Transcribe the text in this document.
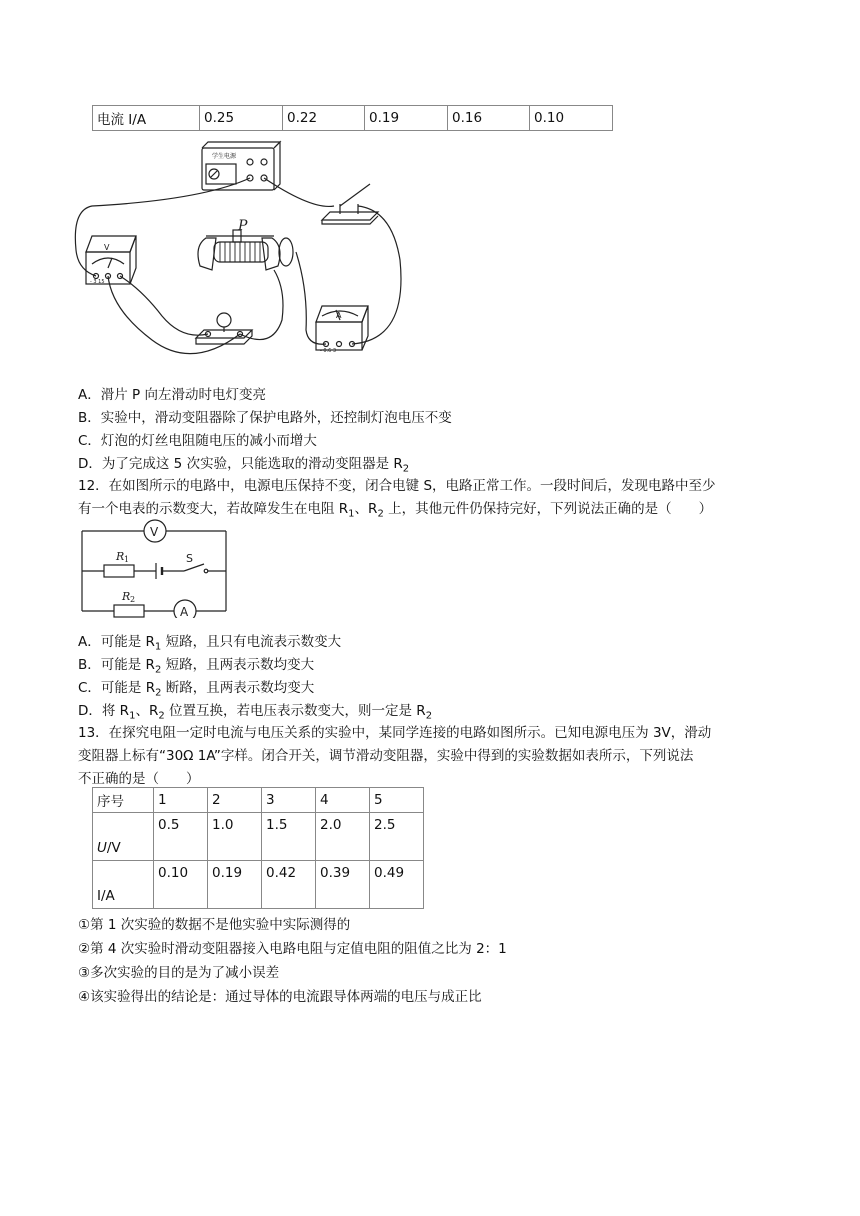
电流 I/A	0.25	0.22	0.19	0.16	0.10
P
V
A
学生电源
- 3 15
- 0.6 3
A．滑片 P 向左滑动时电灯变亮
B．实验中，滑动变阻器除了保护电路外，还控制灯泡电压不变
C．灯泡的灯丝电阻随电压的减小而增大
D．为了完成这 5 次实验，只能选取的滑动变阻器是 $R_2$
12．在如图所示的电路中，电源电压保持不变，闭合电键 S，电路正常工作。一段时间后，发现电路中至少
有一个电表的示数变大，若故障发生在电阻 $R_1$、$R_2$ 上，其他元件仍保持完好，下列说法正确的是（　　）
V
A
R 1
R 2
S
A．可能是 $R_1$ 短路，且只有电流表示数变大
B．可能是 $R_2$ 短路，且两表示数均变大
C．可能是 $R_2$ 断路，且两表示数均变大
D．将 $R_1$、$R_2$ 位置互换，若电压表示数变大，则一定是 $R_2$
13．在探究电阻一定时电流与电压关系的实验中，某同学连接的电路如图所示。已知电源电压为 3V，滑动
变阻器上标有“30Ω 1A”字样。闭合开关，调节滑动变阻器，实验中得到的实验数据如表所示，下列说法
不正确的是（　　）
序号	1	2	3	4	5
U/V	0.5	1.0	1.5	2.0	2.5
I/A	0.10	0.19	0.42	0.39	0.49
①第 1 次实验的数据不是他实验中实际测得的
②第 4 次实验时滑动变阻器接入电路电阻与定值电阻的阻值之比为 2：1
③多次实验的目的是为了减小误差
④该实验得出的结论是：通过导体的电流跟导体两端的电压与成正比
